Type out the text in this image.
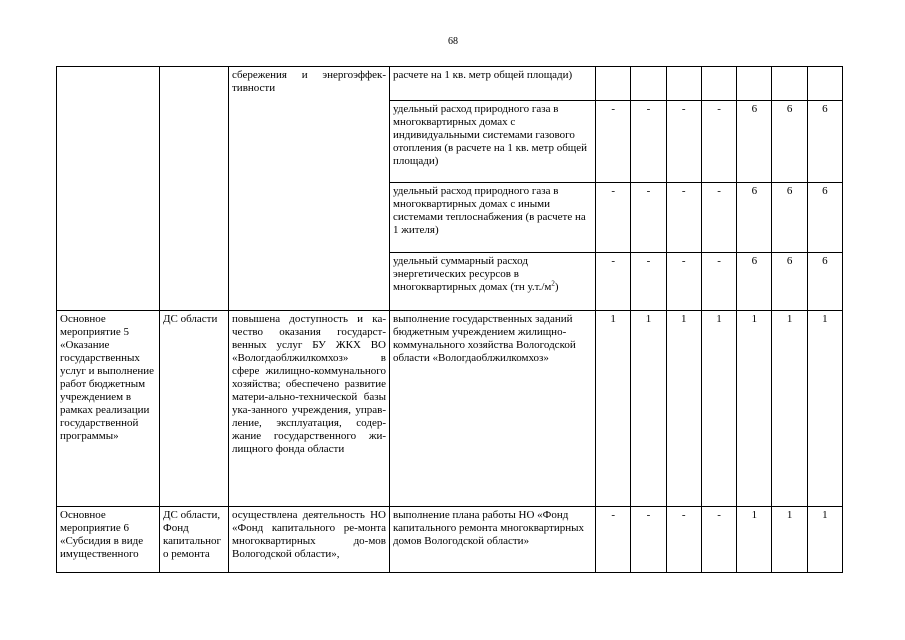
68
		сбережения и энергоэффек-тивности	расчете на 1 кв. метр общей площади)							
			удельный расход природного газа в многоквартирных домах с индивидуальными системами газового отопления (в расчете на 1 кв. метр общей площади)	-	-	-	-	6	6	6
			удельный расход природного газа в многоквартирных домах с иными системами теплоснабжения (в расчете на 1 жителя)	-	-	-	-	6	6	6
			удельный суммарный расход энергетических ресурсов в многоквартирных домах (тн $у.т./м^2$)	-	-	-	-	6	6	6
Основное мероприятие 5 «Оказание государственных услуг и выполнение работ бюджетным учреждением в рамках реализации государственной программы»	ДС области	повышена доступность и ка-чество оказания государст-венных услуг БУ ЖКХ ВО «Вологдаоблжилкомхоз» в сфере жилищно-коммунального хозяйства; обеспечено развитие матери-ально-технической базы ука-занного учреждения, управ-ление, эксплуатация, содер-жание государственного жи-лищного фонда области	выполнение государственных заданий бюджетным учреждением жилищно-коммунального хозяйства Вологодской области «Вологдаоблжилкомхоз»	1	1	1	1	1	1	1
Основное мероприятие 6 «Субсидия в виде имущественного	ДС области, Фонд капитальног о ремонта	осуществлена деятельность НО «Фонд капитального ре-монта многоквартирных до-мов Вологодской области»,	выполнение плана работы НО «Фонд капитального ремонта многоквартирных домов Вологодской области»	-	-	-	-	1	1	1
